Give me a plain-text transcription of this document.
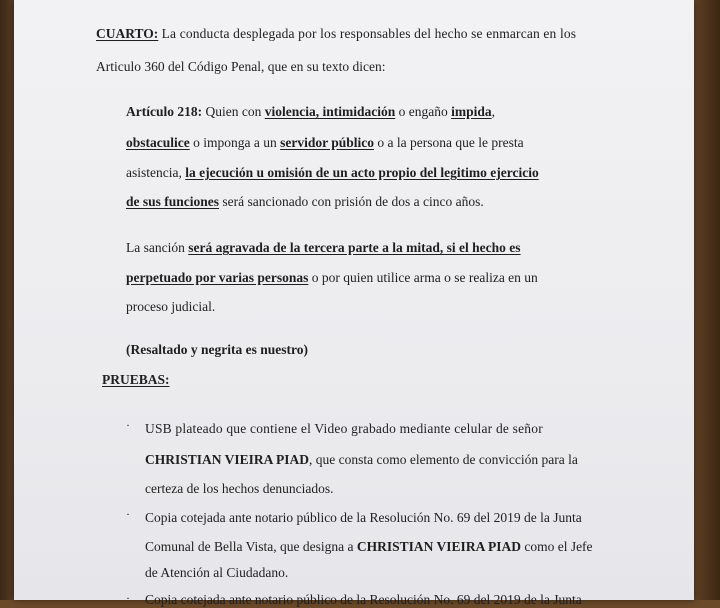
CUARTO: La conducta desplegada por los responsables del hecho se enmarcan en los
Articulo 360 del Código Penal, que en su texto dicen:
Artículo 218: Quien con violencia, intimidación o engaño impida,
obstaculice o imponga a un servidor público o a la persona que le presta
asistencia, la ejecución u omisión de un acto propio del legitimo ejercicio
de sus funciones será sancionado con prisión de dos a cinco años.
La sanción será agravada de la tercera parte a la mitad, si el hecho es
perpetuado por varias personas o por quien utilice arma o se realiza en un
proceso judicial.
(Resaltado y negrita es nuestro)
PRUEBAS:
· USB plateado que contiene el Video grabado mediante celular de señor
CHRISTIAN VIEIRA PIAD, que consta como elemento de convicción para la
certeza de los hechos denunciados.
· Copia cotejada ante notario público de la Resolución No. 69 del 2019 de la Junta
Comunal de Bella Vista, que designa a CHRISTIAN VIEIRA PIAD como el Jefe
de Atención al Ciudadano.
· Copia cotejada ante notario público de la Resolución No. 69 del 2019 de la Junta
